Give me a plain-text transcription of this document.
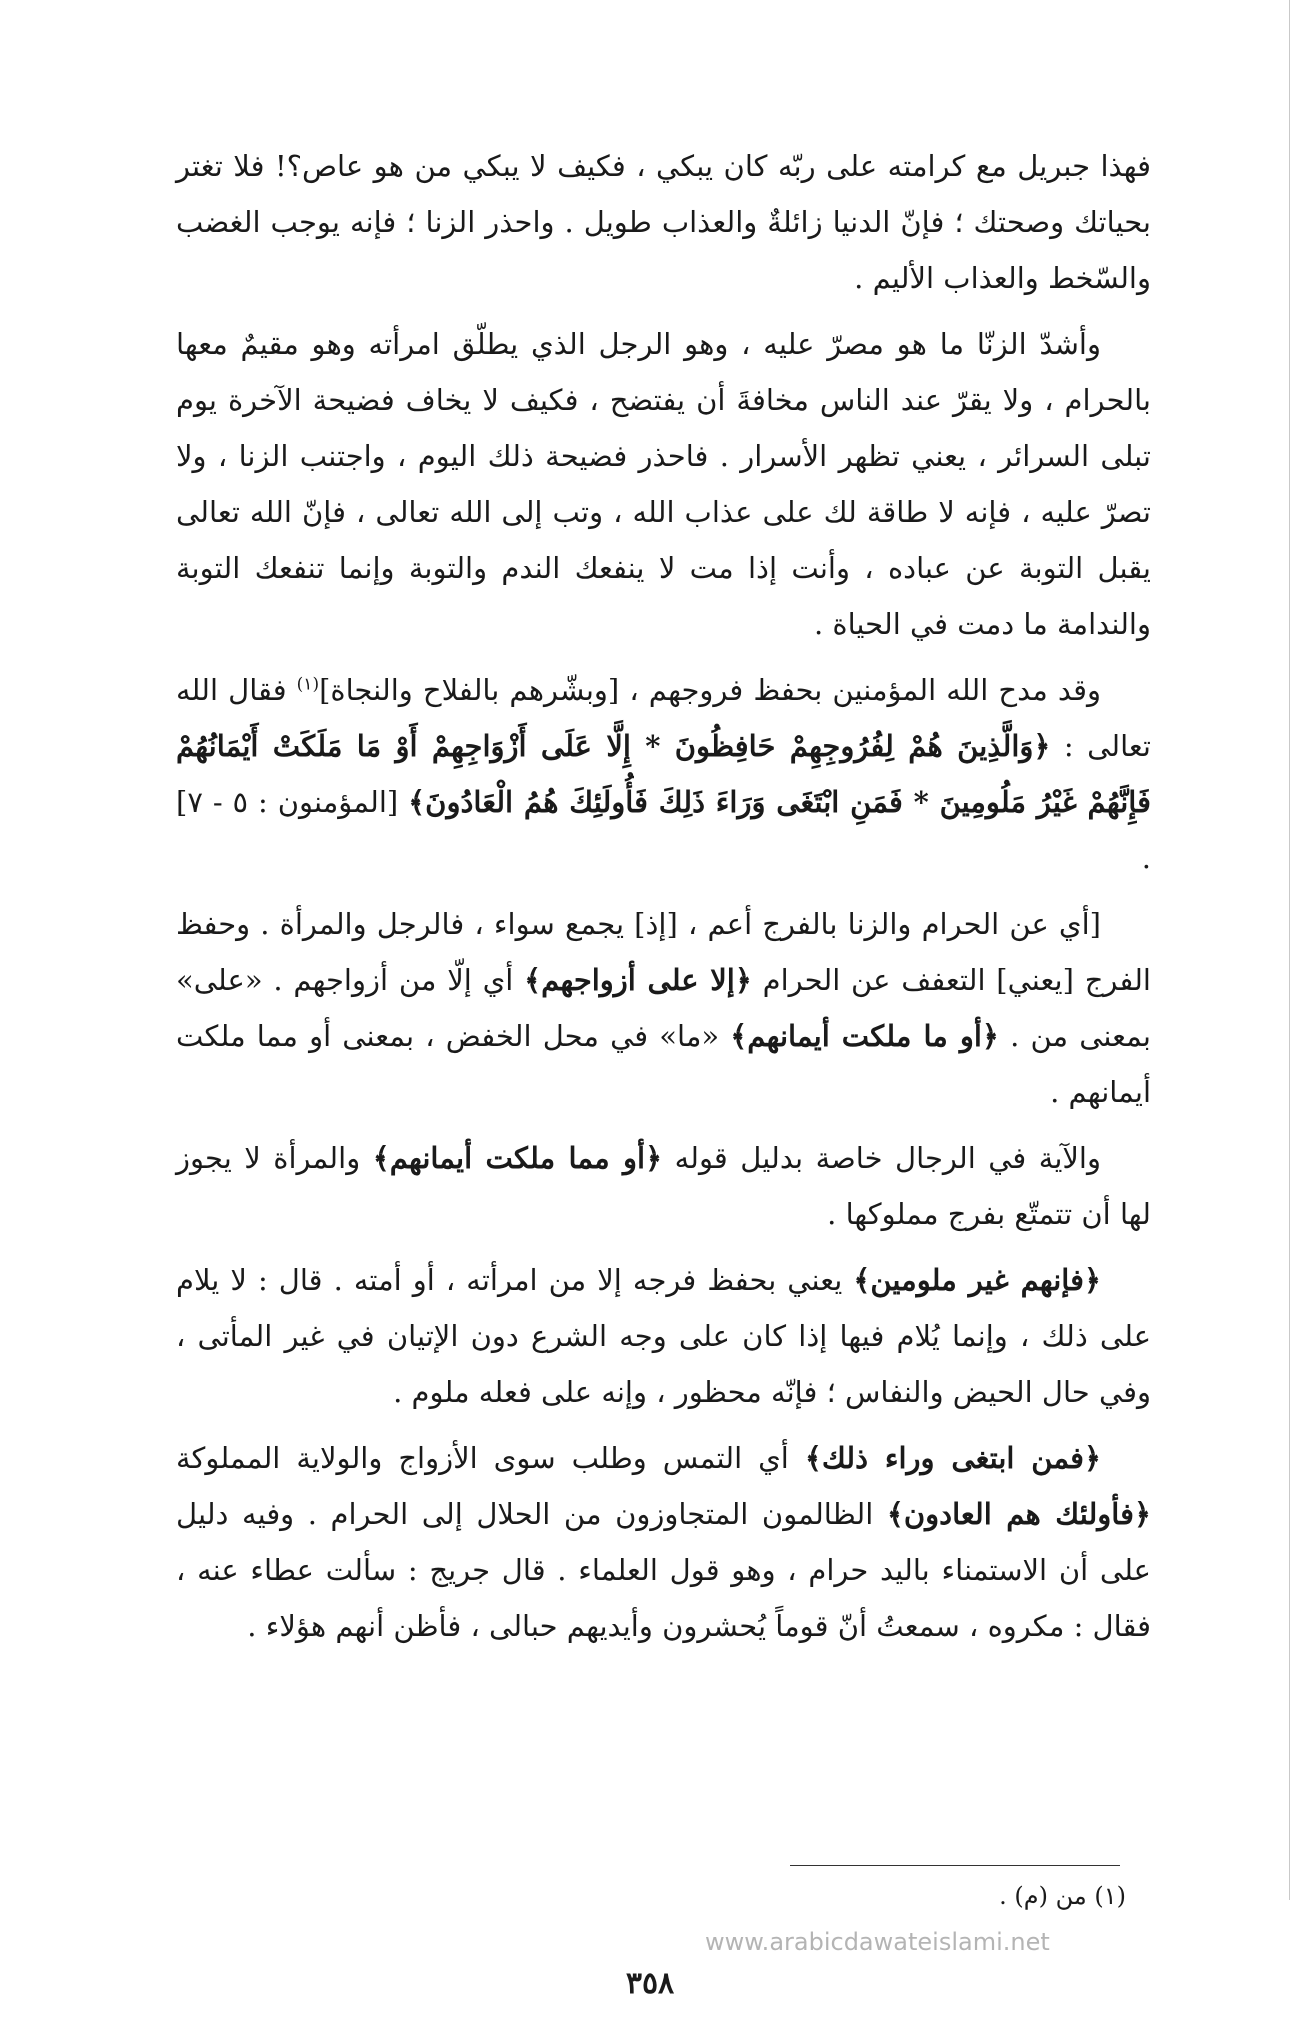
فهذا جبريل مع كرامته على ربّه كان يبكي ، فكيف لا يبكي من هو عاص؟! فلا تغتر بحياتك وصحتك ؛ فإنّ الدنيا زائلةٌ والعذاب طويل . واحذر الزنا ؛ فإنه يوجب الغضب والسّخط والعذاب الأليم .

وأشدّ الزنّا ما هو مصرّ عليه ، وهو الرجل الذي يطلّق امرأته وهو مقيمٌ معها بالحرام ، ولا يقرّ عند الناس مخافةَ أن يفتضح ، فكيف لا يخاف فضيحة الآخرة يوم تبلى السرائر ، يعني تظهر الأسرار . فاحذر فضيحة ذلك اليوم ، واجتنب الزنا ، ولا تصرّ عليه ، فإنه لا طاقة لك على عذاب الله ، وتب إلى الله تعالى ، فإنّ الله تعالى يقبل التوبة عن عباده ، وأنت إذا مت لا ينفعك الندم والتوبة وإنما تنفعك التوبة والندامة ما دمت في الحياة .

وقد مدح الله المؤمنين بحفظ فروجهم ، [وبشّرهم بالفلاح والنجاة]$^{(١)}$ فقال الله تعالى : ﴿وَالَّذِينَ هُمْ لِفُرُوجِهِمْ حَافِظُونَ * إِلَّا عَلَى أَزْوَاجِهِمْ أَوْ مَا مَلَكَتْ أَيْمَانُهُمْ فَإِنَّهُمْ غَيْرُ مَلُومِينَ * فَمَنِ ابْتَغَى وَرَاءَ ذَلِكَ فَأُولَئِكَ هُمُ الْعَادُونَ﴾ [المؤمنون : ٥ - ٧] .

[أي عن الحرام والزنا بالفرج أعم ، [إذ] يجمع سواء ، فالرجل والمرأة . وحفظ الفرج [يعني] التعفف عن الحرام ﴿إلا على أزواجهم﴾ أي إلّا من أزواجهم . «على» بمعنى من . ﴿أو ما ملكت أيمانهم﴾ «ما» في محل الخفض ، بمعنى أو مما ملكت أيمانهم .

والآية في الرجال خاصة بدليل قوله ﴿أو مما ملكت أيمانهم﴾ والمرأة لا يجوز لها أن تتمتّع بفرج مملوكها .

﴿فإنهم غير ملومين﴾ يعني بحفظ فرجه إلا من امرأته ، أو أمته . قال : لا يلام على ذلك ، وإنما يُلام فيها إذا كان على وجه الشرع دون الإتيان في غير المأتى ، وفي حال الحيض والنفاس ؛ فإنّه محظور ، وإنه على فعله ملوم .

﴿فمن ابتغى وراء ذلك﴾ أي التمس وطلب سوى الأزواج والولاية المملوكة ﴿فأولئك هم العادون﴾ الظالمون المتجاوزون من الحلال إلى الحرام . وفيه دليل على أن الاستمناء باليد حرام ، وهو قول العلماء . قال جريج : سألت عطاء عنه ، فقال : مكروه ، سمعتُ أنّ قوماً يُحشرون وأيديهم حبالى ، فأظن أنهم هؤلاء .

(١) من (م) .
www.arabicdawateislami.net
٣٥٨
